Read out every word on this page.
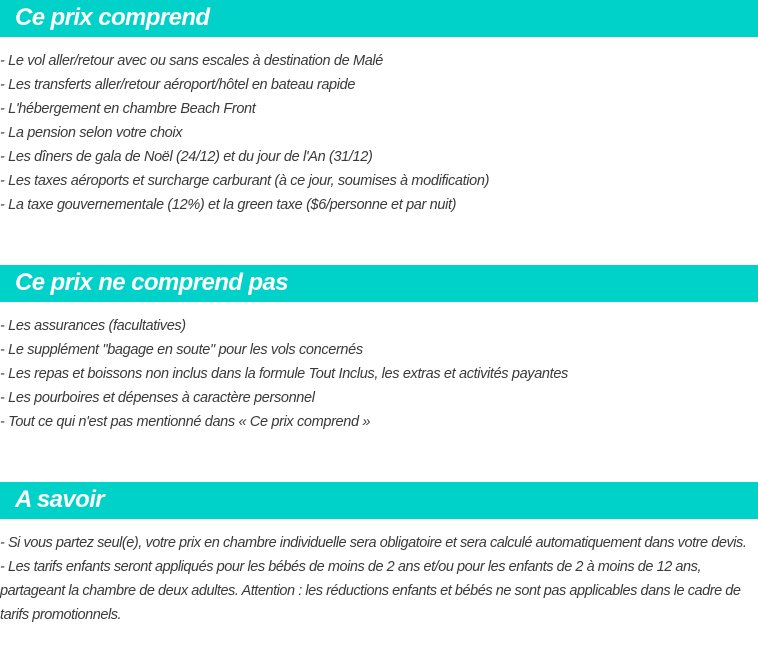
Ce prix comprend
- Le vol aller/retour avec ou sans escales à destination de Malé
- Les transferts aller/retour aéroport/hôtel en bateau rapide
- L'hébergement en chambre Beach Front
- La pension selon votre choix
- Les dîners de gala de Noël (24/12) et du jour de l'An (31/12)
- Les taxes aéroports et surcharge carburant (à ce jour, soumises à modification)
- La taxe gouvernementale (12%) et la green taxe ($6/personne et par nuit)
Ce prix ne comprend pas
- Les assurances (facultatives)
- Le supplément "bagage en soute" pour les vols concernés
- Les repas et boissons non inclus dans la formule Tout Inclus, les extras et activités payantes
- Les pourboires et dépenses à caractère personnel
- Tout ce qui n'est pas mentionné dans « Ce prix comprend »
A savoir

- Si vous partez seul(e), votre prix en chambre individuelle sera obligatoire et sera calculé automatiquement dans votre devis.

- Les tarifs enfants seront appliqués pour les bébés de moins de 2 ans et/ou pour les enfants de 2 à moins de 12 ans, partageant la chambre de deux adultes. Attention : les réductions enfants et bébés ne sont pas applicables dans le cadre de tarifs promotionnels.
